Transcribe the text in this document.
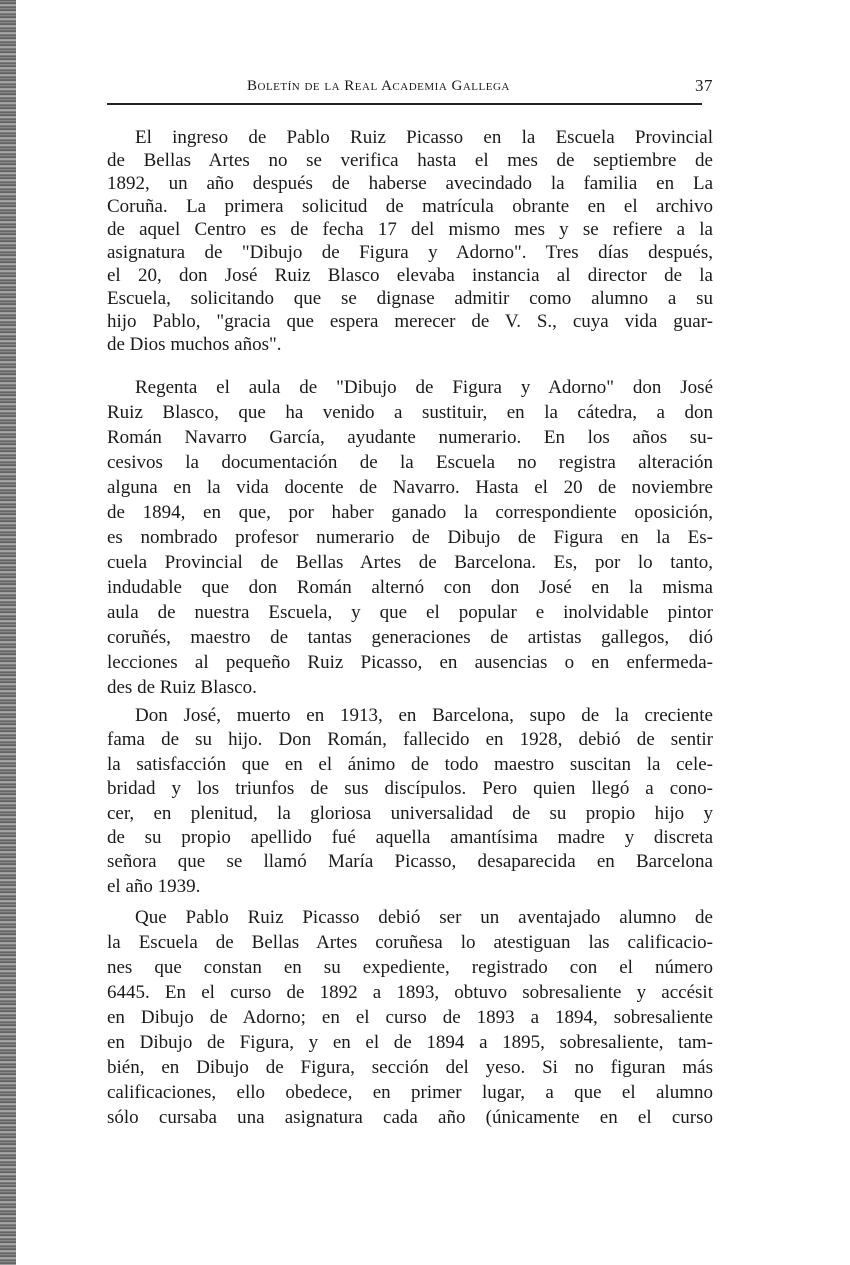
Boletín de la Real Academia Gallega	37
El ingreso de Pablo Ruiz Picasso en la Escuela Provincial
de Bellas Artes no se verifica hasta el mes de septiembre de
1892, un año después de haberse avecindado la familia en La
Coruña. La primera solicitud de matrícula obrante en el archivo
de aquel Centro es de fecha 17 del mismo mes y se refiere a la
asignatura de "Dibujo de Figura y Adorno". Tres días después,
el 20, don José Ruiz Blasco elevaba instancia al director de la
Escuela, solicitando que se dignase admitir como alumno a su
hijo Pablo, "gracia que espera merecer de V. S., cuya vida guar-
de Dios muchos años".
Regenta el aula de "Dibujo de Figura y Adorno" don José
Ruiz Blasco, que ha venido a sustituir, en la cátedra, a don
Román Navarro García, ayudante numerario. En los años su-
cesivos la documentación de la Escuela no registra alteración
alguna en la vida docente de Navarro. Hasta el 20 de noviembre
de 1894, en que, por haber ganado la correspondiente oposición,
es nombrado profesor numerario de Dibujo de Figura en la Es-
cuela Provincial de Bellas Artes de Barcelona. Es, por lo tanto,
indudable que don Román alternó con don José en la misma
aula de nuestra Escuela, y que el popular e inolvidable pintor
coruñés, maestro de tantas generaciones de artistas gallegos, dió
lecciones al pequeño Ruiz Picasso, en ausencias o en enfermeda-
des de Ruiz Blasco.
Don José, muerto en 1913, en Barcelona, supo de la creciente
fama de su hijo. Don Román, fallecido en 1928, debió de sentir
la satisfacción que en el ánimo de todo maestro suscitan la cele-
bridad y los triunfos de sus discípulos. Pero quien llegó a cono-
cer, en plenitud, la gloriosa universalidad de su propio hijo y
de su propio apellido fué aquella amantísima madre y discreta
señora que se llamó María Picasso, desaparecida en Barcelona
el año 1939.
Que Pablo Ruiz Picasso debió ser un aventajado alumno de
la Escuela de Bellas Artes coruñesa lo atestiguan las calificacio-
nes que constan en su expediente, registrado con el número
6445. En el curso de 1892 a 1893, obtuvo sobresaliente y accésit
en Dibujo de Adorno; en el curso de 1893 a 1894, sobresaliente
en Dibujo de Figura, y en el de 1894 a 1895, sobresaliente, tam-
bién, en Dibujo de Figura, sección del yeso. Si no figuran más
calificaciones, ello obedece, en primer lugar, a que el alumno
sólo cursaba una asignatura cada año (únicamente en el curso
